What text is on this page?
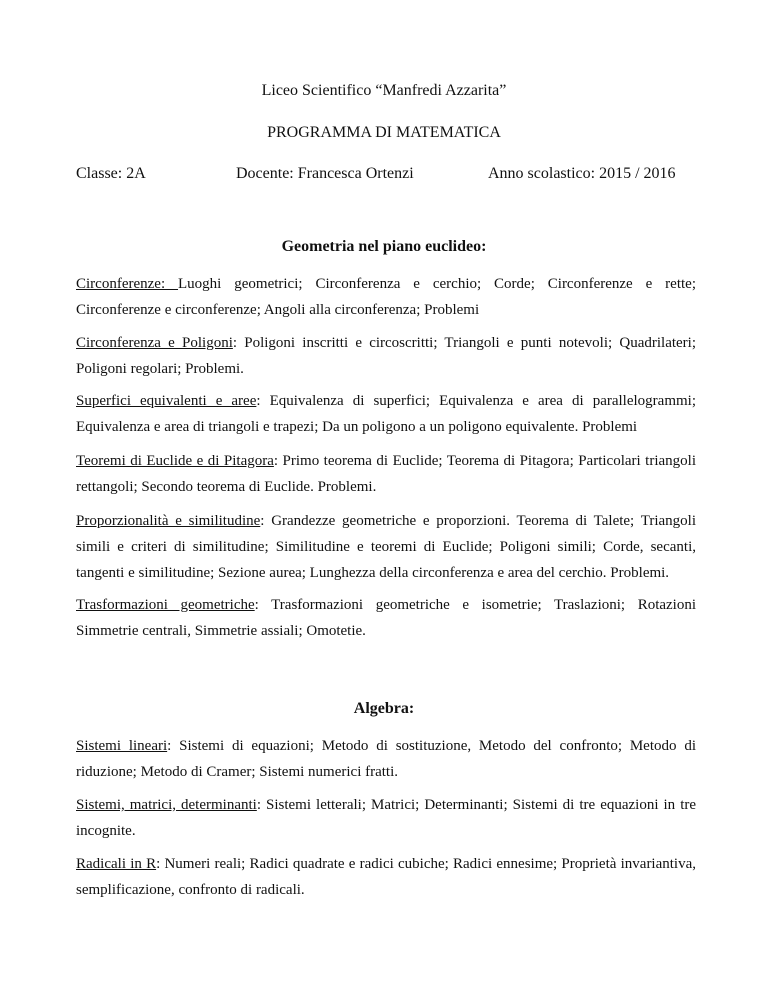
Liceo Scientifico “Manfredi Azzarita”
PROGRAMMA DI MATEMATICA
Classe: 2A	Docente: Francesca Ortenzi	Anno scolastico: 2015 / 2016
Geometria nel piano euclideo:
Circonferenze: Luoghi geometrici; Circonferenza e cerchio; Corde; Circonferenze e rette; Circonferenze e circonferenze; Angoli alla circonferenza; Problemi
Circonferenza e Poligoni: Poligoni inscritti e circoscritti; Triangoli e punti notevoli; Quadrilateri; Poligoni regolari; Problemi.
Superfici equivalenti e aree: Equivalenza di superfici; Equivalenza e area di parallelogrammi; Equivalenza e area di triangoli e trapezi; Da un poligono a un poligono equivalente. Problemi
Teoremi di Euclide e di Pitagora: Primo teorema di Euclide; Teorema di Pitagora; Particolari triangoli rettangoli; Secondo teorema di Euclide. Problemi.
Proporzionalità e similitudine: Grandezze geometriche e proporzioni. Teorema di Talete; Triangoli simili e criteri di similitudine; Similitudine e teoremi di Euclide; Poligoni simili; Corde, secanti, tangenti e similitudine; Sezione aurea; Lunghezza della circonferenza e area del cerchio. Problemi.
Trasformazioni geometriche: Trasformazioni geometriche e isometrie; Traslazioni; Rotazioni Simmetrie centrali, Simmetrie assiali; Omotetie.
Algebra:
Sistemi lineari: Sistemi di equazioni; Metodo di sostituzione, Metodo del confronto; Metodo di riduzione; Metodo di Cramer; Sistemi numerici fratti.
Sistemi, matrici, determinanti: Sistemi letterali; Matrici; Determinanti; Sistemi di tre equazioni in tre incognite.
Radicali in R: Numeri reali; Radici quadrate e radici cubiche; Radici ennesime; Proprietà invariantiva, semplificazione, confronto di radicali.
